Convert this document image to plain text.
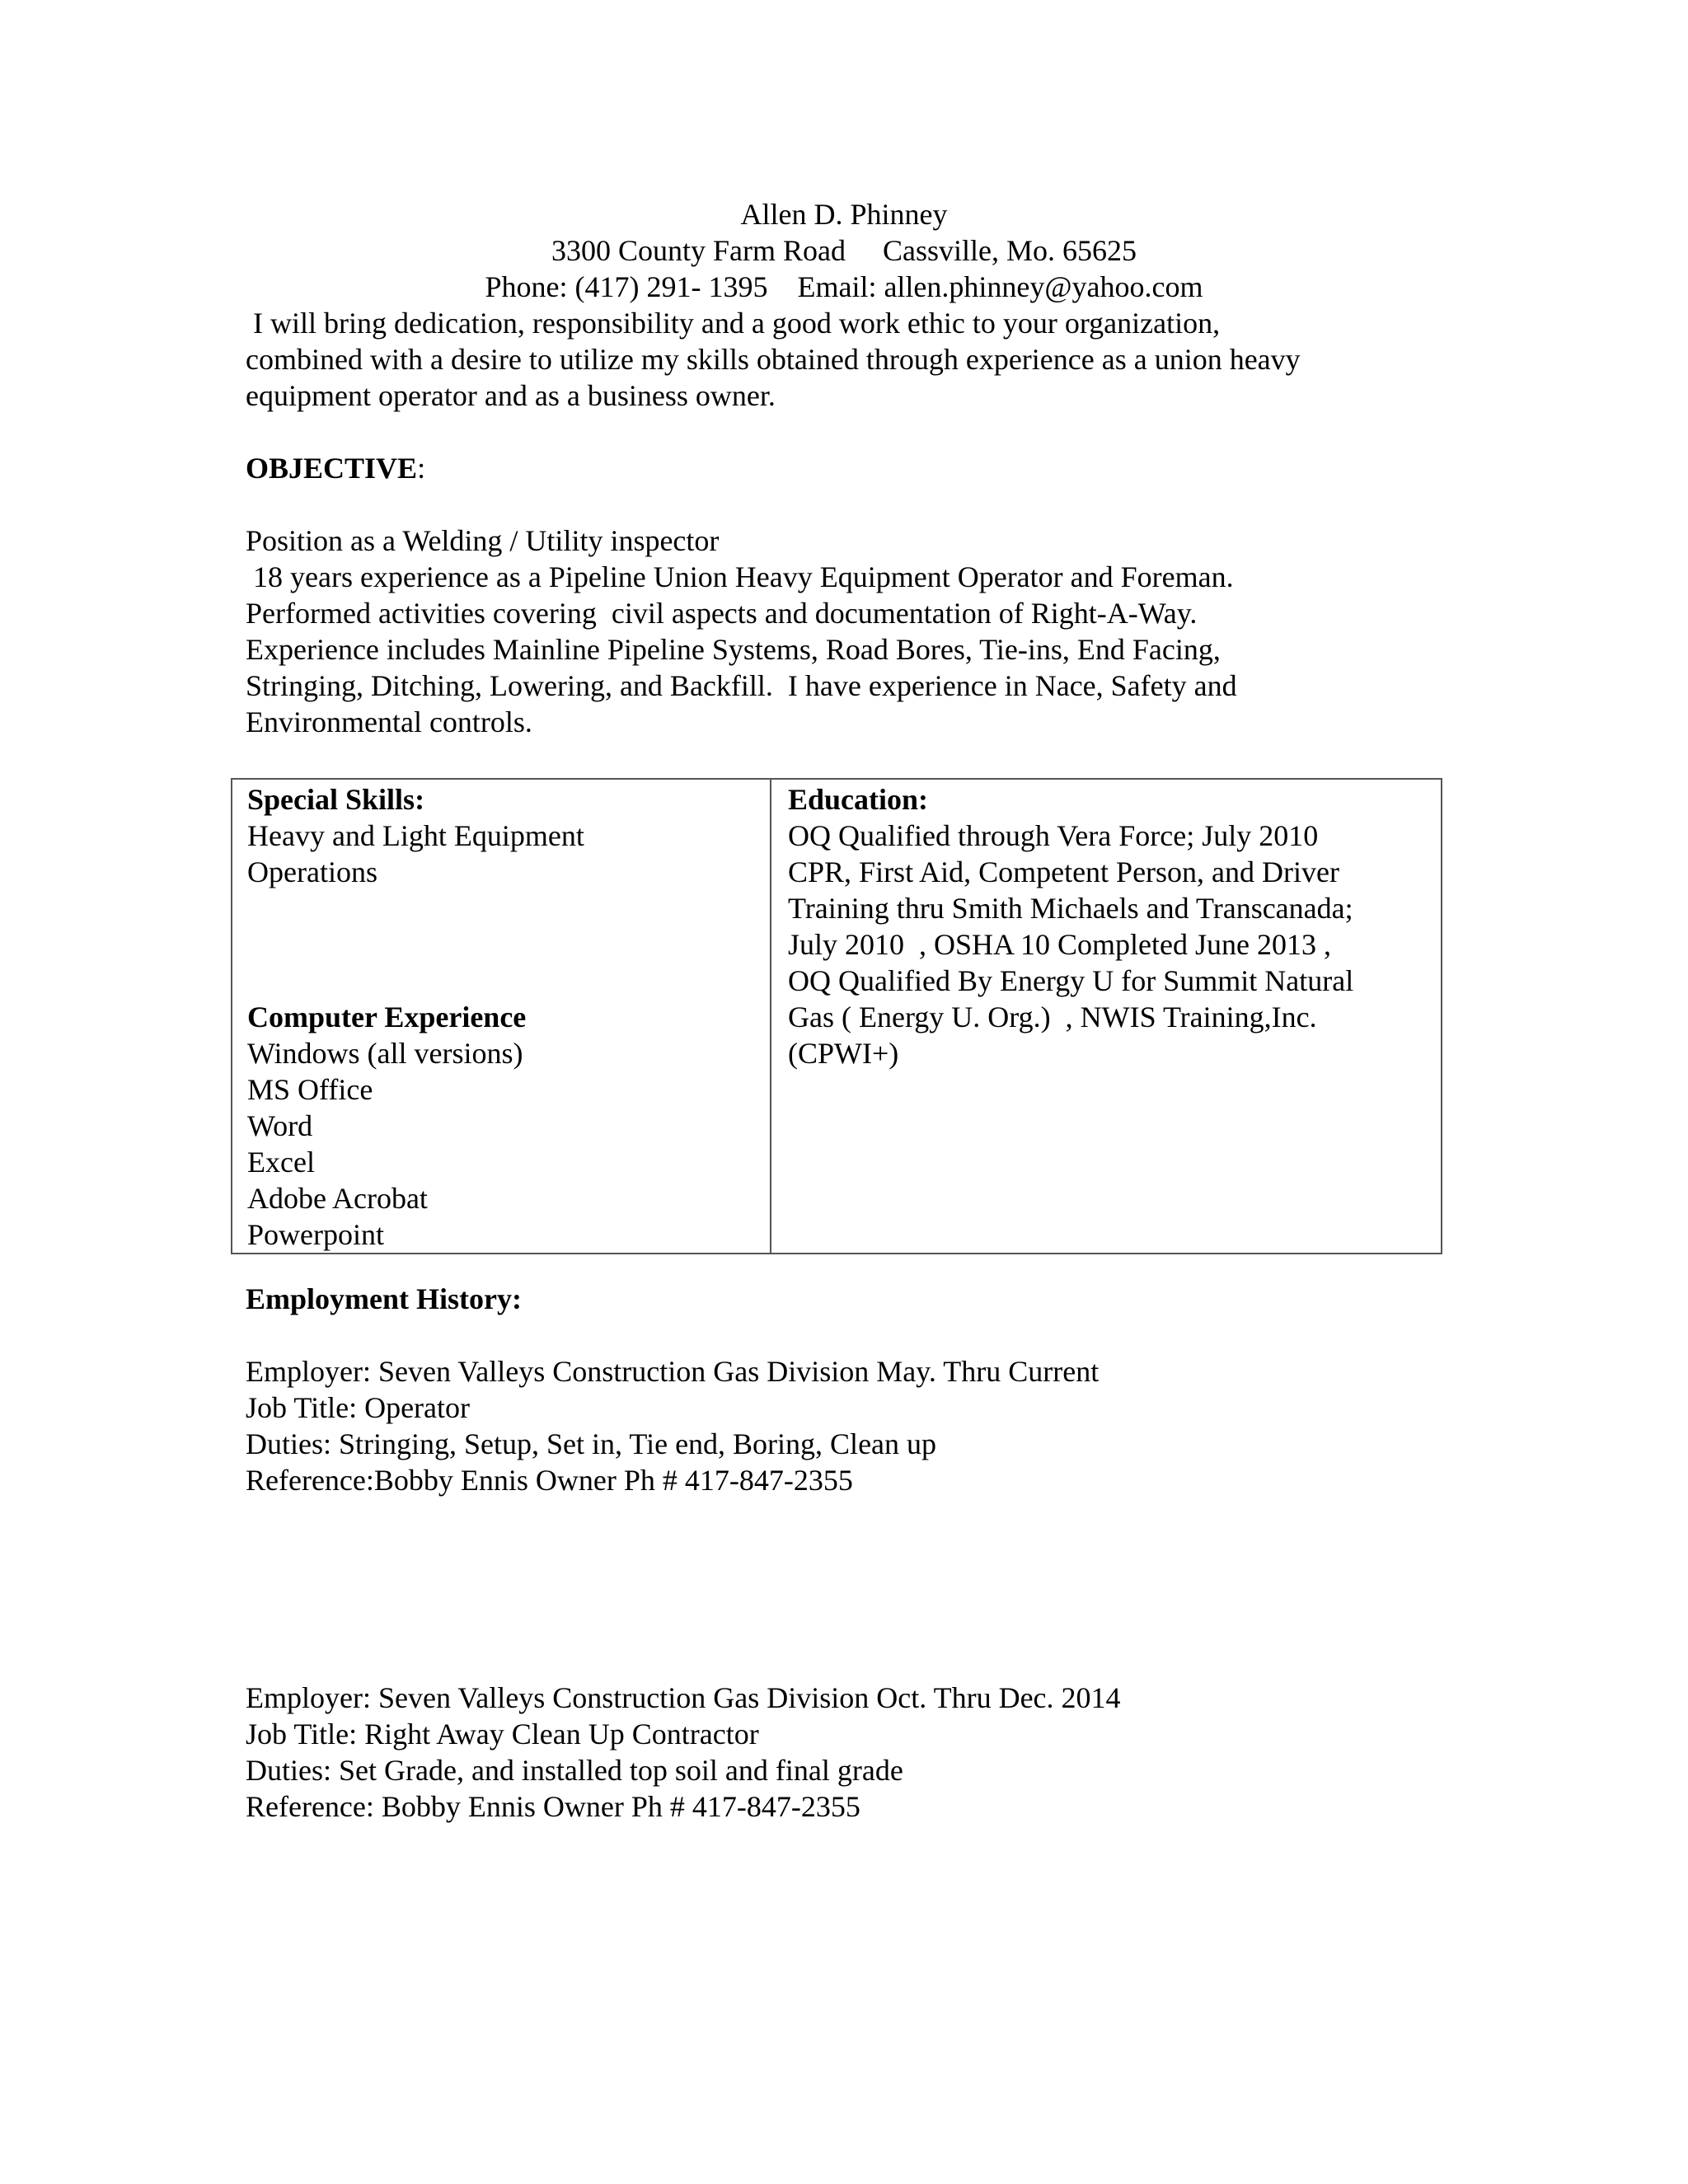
Allen D. Phinney
3300 County Farm Road     Cassville, Mo. 65625
Phone: (417) 291- 1395    Email: allen.phinney@yahoo.com
I will bring dedication, responsibility and a good work ethic to your organization,
combined with a desire to utilize my skills obtained through experience as a union heavy
equipment operator and as a business owner.
OBJECTIVE:
Position as a Welding / Utility inspector
18 years experience as a Pipeline Union Heavy Equipment Operator and Foreman.
Performed activities covering  civil aspects and documentation of Right-A-Way.
Experience includes Mainline Pipeline Systems, Road Bores, Tie-ins, End Facing,
Stringing, Ditching, Lowering, and Backfill.  I have experience in Nace, Safety and
Environmental controls.
Special Skills:
Heavy and Light Equipment
Operations

Computer Experience
Windows (all versions)
MS Office
Word
Excel
Adobe Acrobat
Powerpoint
Education:
OQ Qualified through Vera Force; July 2010
CPR, First Aid, Competent Person, and Driver
Training thru Smith Michaels and Transcanada;
July 2010  , OSHA 10 Completed June 2013 ,
OQ Qualified By Energy U for Summit Natural
Gas ( Energy U. Org.)  , NWIS Training,Inc.
(CPWI+)
Employment History:
Employer: Seven Valleys Construction Gas Division May. Thru Current
Job Title: Operator
Duties: Stringing, Setup, Set in, Tie end, Boring, Clean up
Reference:Bobby Ennis Owner Ph # 417-847-2355
Employer: Seven Valleys Construction Gas Division Oct. Thru Dec. 2014
Job Title: Right Away Clean Up Contractor
Duties: Set Grade, and installed top soil and final grade
Reference: Bobby Ennis Owner Ph # 417-847-2355
